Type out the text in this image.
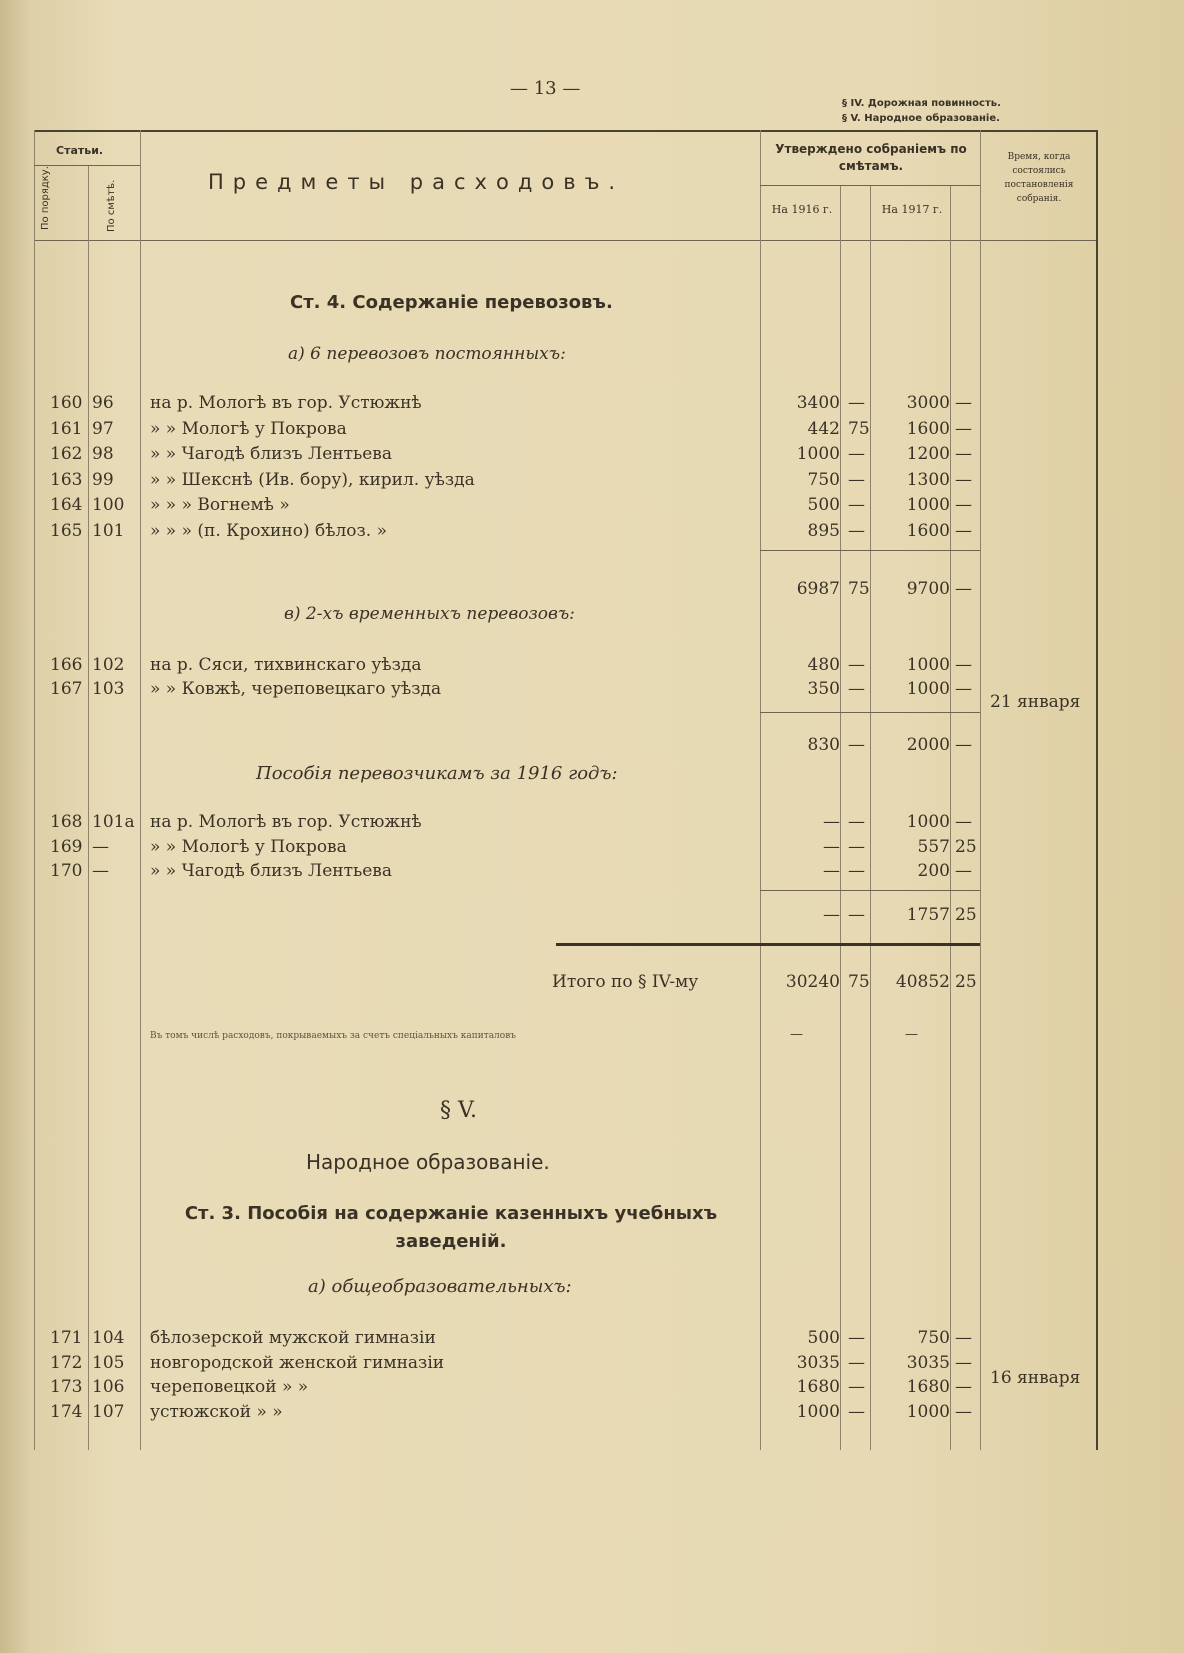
— 13 —
§ IV. Дорожная повинность.
§ V. Народное образованіе.
Статьи.
По порядку.	По смѣтѣ.	Предметы расходовъ.
Утверждено собраніемъ по смѣтамъ.
На 1916 г.	На 1917 г.
Время, когда состоялись постановленія собранія.
Ст. 4. Содержаніе перевозовъ.
а) 6 перевозовъ постоянныхъ:
160 96	на р. Мологѣ въ гор. Устюжнѣ	3400 —	3000 —
161 97	» » Мологѣ у Покрова	442 75	1600 —
162 98	» » Чагодѣ близъ Лентьева	1000 —	1200 —
163 99	» » Шекснѣ (Ив. бору), кирил. уѣзда	750 —	1300 —
164 100	» » » Вогнемѣ »	500 —	1000 —
165 101	» » » (п. Крохино) бѣлоз. »	895 —	1600 —
6987 75	9700 —
в) 2-хъ временныхъ перевозовъ:
166 102	на р. Сяси, тихвинскаго уѣзда	480 —	1000 —
167 103	» » Ковжѣ, череповецкаго уѣзда	350 —	1000 —
21 января
830 —	2000 —
Пособія перевозчикамъ за 1916 годъ:
168 101а на р. Мологѣ въ гор. Устюжнѣ	— —	1000 —
169 —	» » Мологѣ у Покрова	— —	557 25
170 —	» » Чагодѣ близъ Лентьева	— —	200 —
— —	1757 25
Итого по § IV-му	30240 75	40852 25
Въ томъ числѣ расходовъ, покрываемыхъ за счетъ спеціальныхъ капиталовъ	—	—
§ V.
Народное образованіе.
Ст. 3. Пособія на содержаніе казенныхъ учебныхъ заведеній.
а) общеобразовательныхъ:
171 104	бѣлозерской мужской гимназіи	500 —	750 —
172 105	новгородской женской гимназіи	3035 —	3035 —
173 106	череповецкой » »	1680 —	1680 —
174 107	устюжской » »	1000 —	1000 —
16 января
